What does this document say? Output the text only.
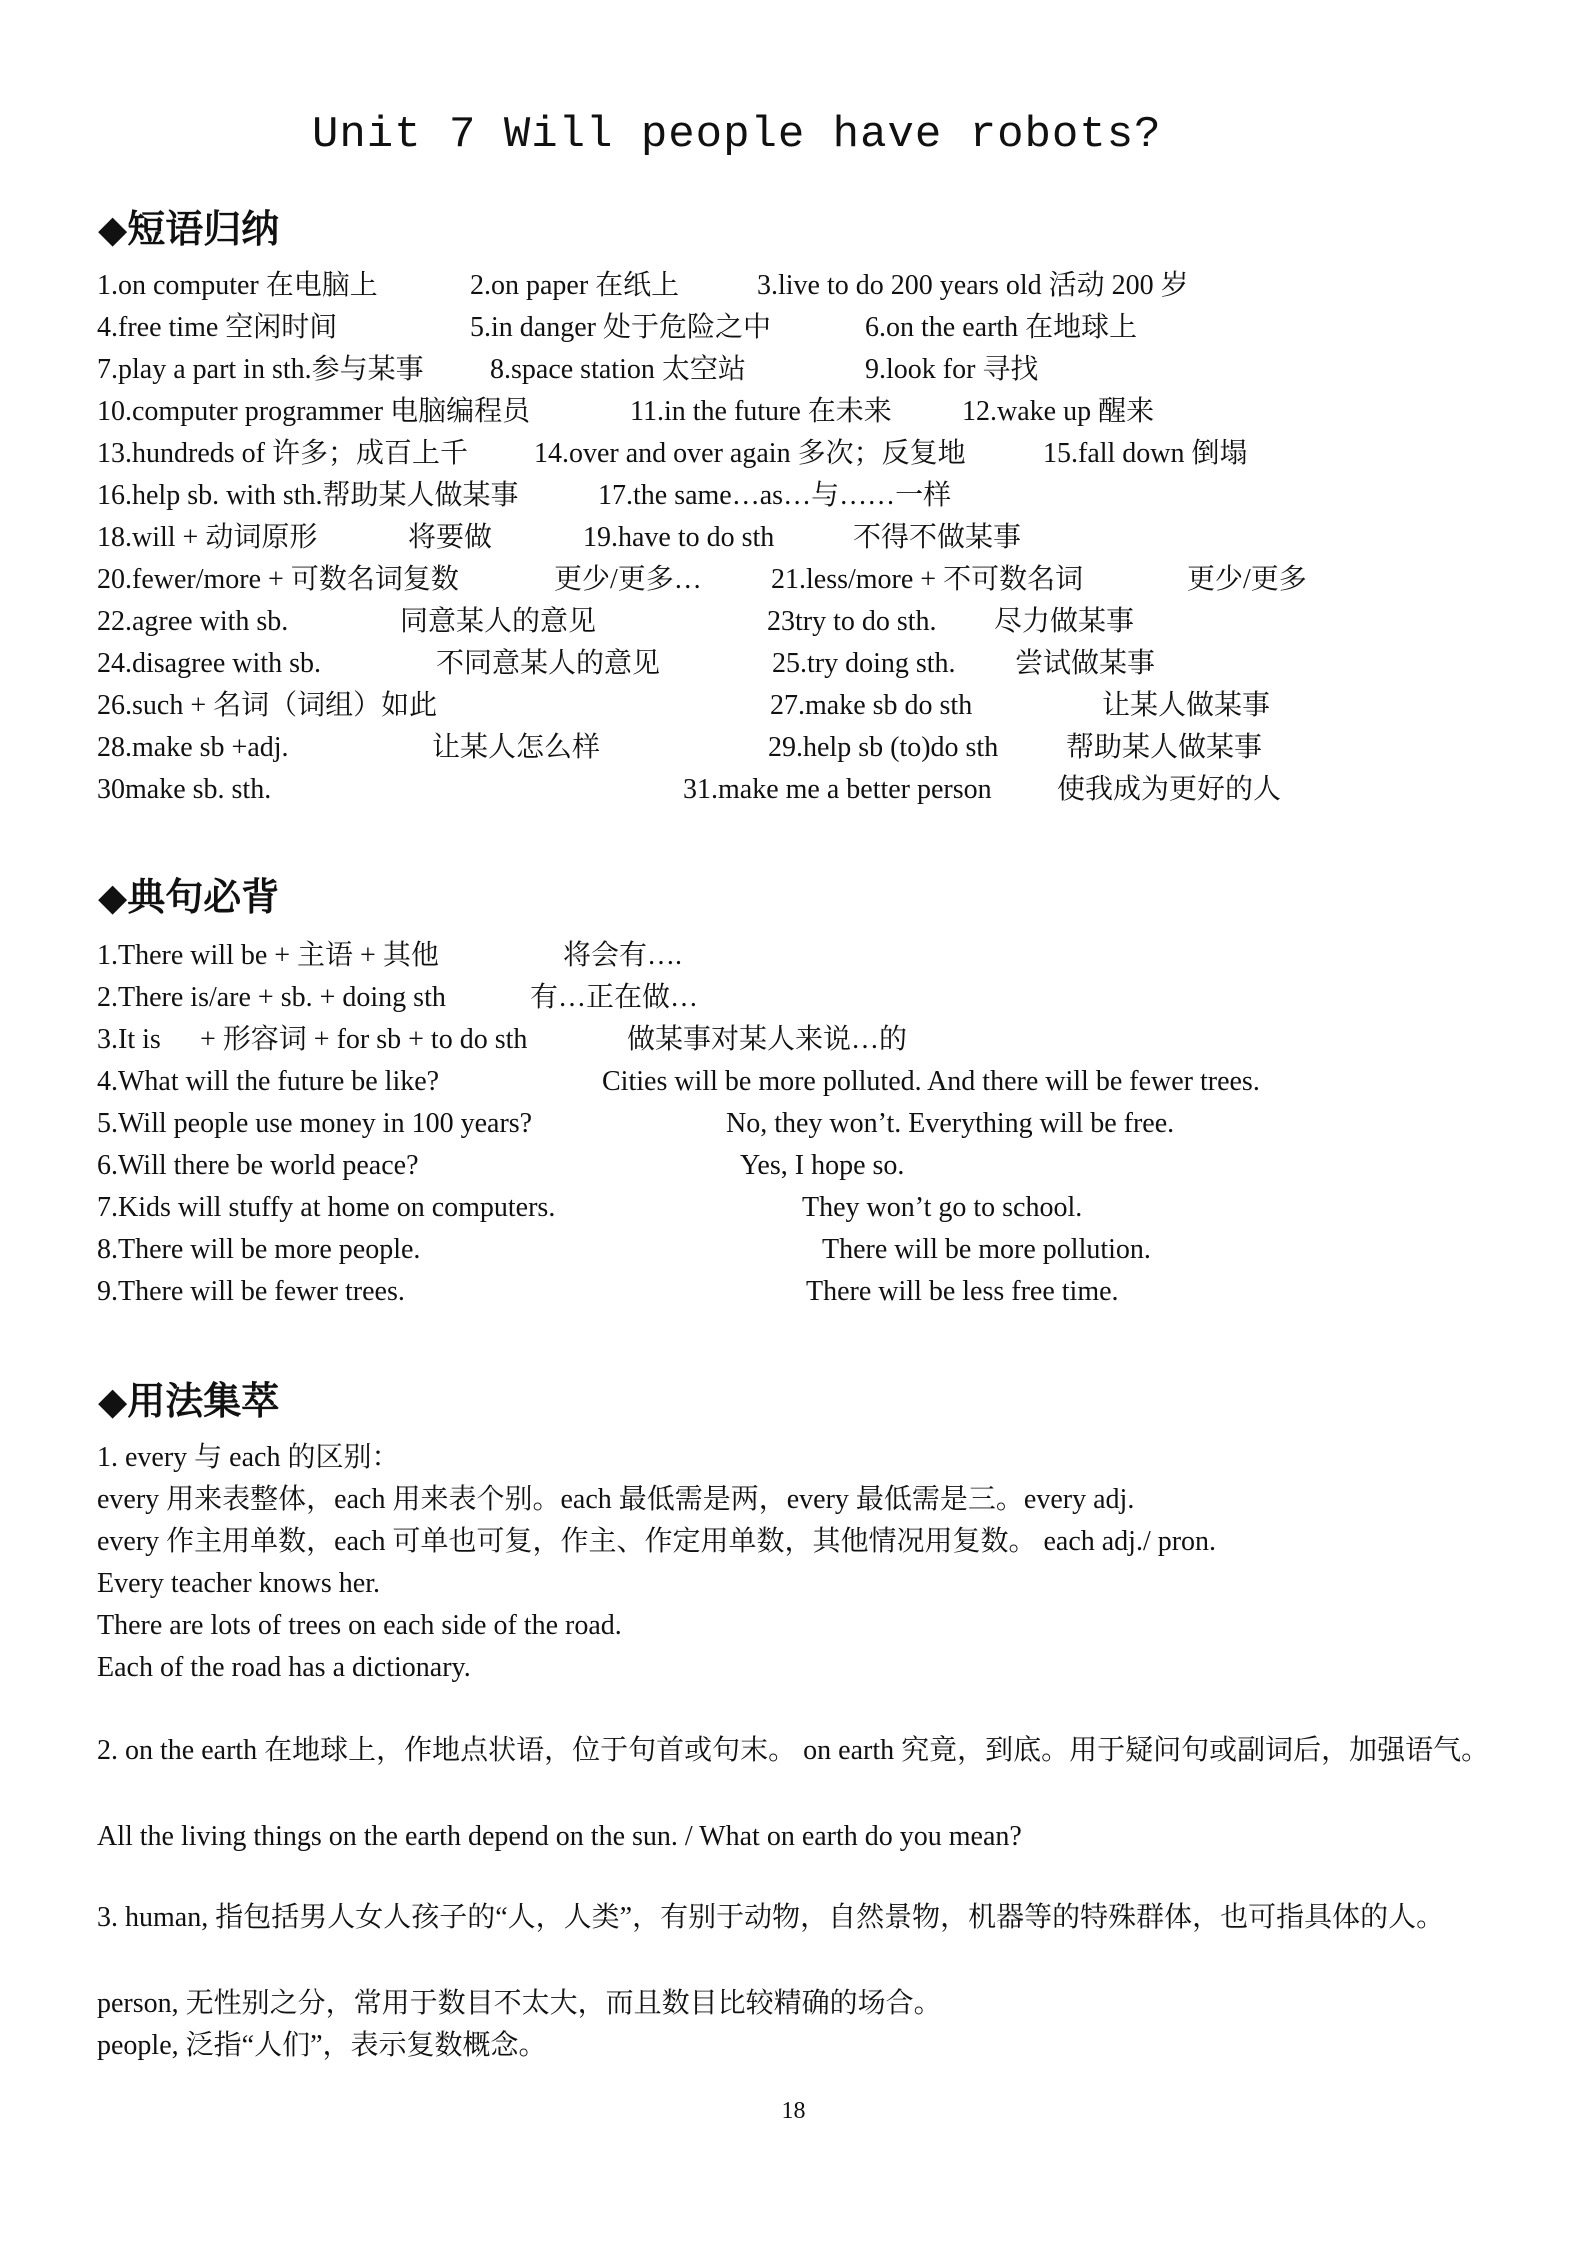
Unit 7 Will people have robots?
◆短语归纳
1.on computer 在电脑上	2.on paper 在纸上	3.live to do 200 years old 活动 200 岁
4.free time 空闲时间	5.in danger 处于危险之中	6.on the earth 在地球上
7.play a part in sth.参与某事 8.space station 太空站	9.look for 寻找
10.computer programmer 电脑编程员	11.in the future 在未来	12.wake up 醒来
13.hundreds of 许多；成百上千 14.over and over again 多次；反复地	15.fall down 倒塌
16.help sb. with sth.帮助某人做某事	17.the same…as…与……一样
18.will + 动词原形	将要做	19.have to do sth	不得不做某事
20.fewer/more + 可数名词复数	更少/更多… 21.less/more + 不可数名词	更少/更多
22.agree with sb.	同意某人的意见	23try to do sth. 尽力做某事
24.disagree with sb.	不同意某人的意见	25.try doing sth. 尝试做某事
26.such + 名词（词组）如此	27.make sb do sth	让某人做某事
28.make sb +adj.	让某人怎么样	29.help sb (to)do sth 帮助某人做某事
30make sb. sth.	31.make me a better person 使我成为更好的人
◆典句必背
1.There will be + 主语 + 其他	将会有….
2.There is/are + sb. + doing sth	有…正在做…
3.It is + 形容词 + for sb + to do sth	做某事对某人来说…的
4.What will the future be like?	Cities will be more polluted. And there will be fewer trees.
5.Will people use money in 100 years?	No, they won’t. Everything will be free.
6.Will there be world peace?	Yes, I hope so.
7.Kids will stuffy at home on computers.	They won’t go to school.
8.There will be more people.	There will be more pollution.
9.There will be fewer trees.	There will be less free time.
◆用法集萃
1. every 与 each 的区别：
every 用来表整体，each 用来表个别。each 最低需是两，every 最低需是三。every adj.
every 作主用单数，each 可单也可复，作主、作定用单数，其他情况用复数。 each adj./ pron.
Every teacher knows her.
There are lots of trees on each side of the road.
Each of the road has a dictionary.
2. on the earth 在地球上，作地点状语，位于句首或句末。 on earth 究竟，到底。用于疑问句或副词后，加强语气。
All the living things on the earth depend on the sun. / What on earth do you mean?
3. human, 指包括男人女人孩子的“人，人类”，有别于动物，自然景物，机器等的特殊群体，也可指具体的人。
person, 无性别之分，常用于数目不太大，而且数目比较精确的场合。
people, 泛指“人们”，表示复数概念。
18
